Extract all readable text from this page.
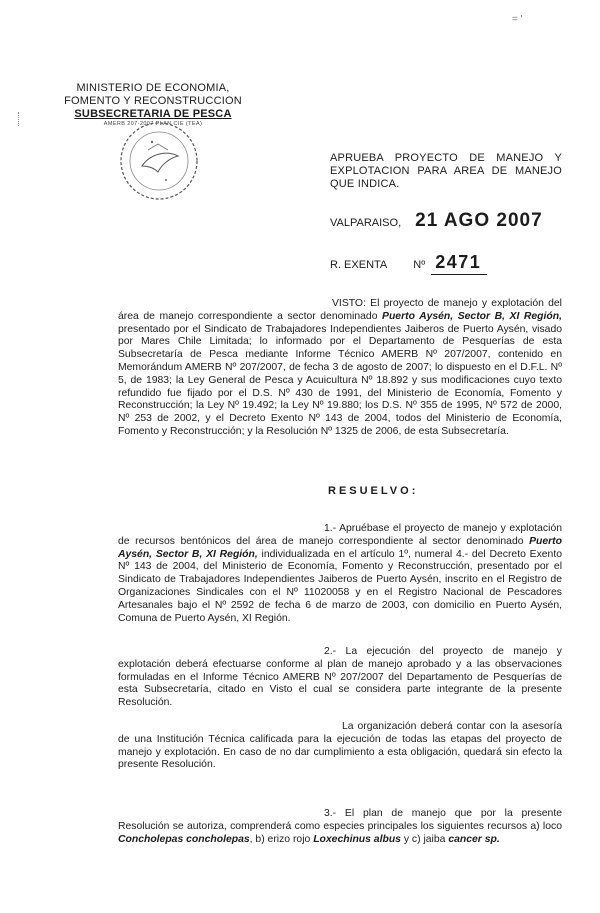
= '
MINISTERIO DE ECONOMIA,
FOMENTO Y RECONSTRUCCION
SUBSECRETARIA DE PESCA
AMERB 207-2007 PLAN CIE (TEA)
APRUEBA PROYECTO DE MANEJO Y EXPLOTACION PARA AREA DE MANEJO QUE INDICA.
VALPARAISO, 21 AGO 2007
R. EXENTA Nº 2471

VISTO: El proyecto de manejo y explotación del área de manejo correspondiente a sector denominado Puerto Aysén, Sector B, XI Región, presentado por el Sindicato de Trabajadores Independientes Jaiberos de Puerto Aysén, visado por Mares Chile Limitada; lo informado por el Departamento de Pesquerías de esta Subsecretaría de Pesca mediante Informe Técnico AMERB Nº 207/2007, contenido en Memorándum AMERB Nº 207/2007, de fecha 3 de agosto de 2007; lo dispuesto en el D.F.L. Nº 5, de 1983; la Ley General de Pesca y Acuicultura Nº 18.892 y sus modificaciones cuyo texto refundido fue fijado por el D.S. Nº 430 de 1991, del Ministerio de Economía, Fomento y Reconstrucción; la Ley Nº 19.492; la Ley Nº 19.880; los D.S. Nº 355 de 1995, Nº 572 de 2000, Nº 253 de 2002, y el Decreto Exento Nº 143 de 2004, todos del Ministerio de Economía, Fomento y Reconstrucción; y la Resolución Nº 1325 de 2006, de esta Subsecretaría.

RESUELVO:

1.- Apruébase el proyecto de manejo y explotación de recursos bentónicos del área de manejo correspondiente al sector denominado Puerto Aysén, Sector B, XI Región, individualizada en el artículo 1º, numeral 4.- del Decreto Exento Nº 143 de 2004, del Ministerio de Economía, Fomento y Reconstrucción, presentado por el Sindicato de Trabajadores Independientes Jaiberos de Puerto Aysén, inscrito en el Registro de Organizaciones Sindicales con el Nº 11020058 y en el Registro Nacional de Pescadores Artesanales bajo el Nº 2592 de fecha 6 de marzo de 2003, con domicilio en Puerto Aysén, Comuna de Puerto Aysén, XI Región.

2.- La ejecución del proyecto de manejo y explotación deberá efectuarse conforme al plan de manejo aprobado y a las observaciones formuladas en el Informe Técnico AMERB Nº 207/2007 del Departamento de Pesquerías de esta Subsecretaría, citado en Visto el cual se considera parte integrante de la presente Resolución.

La organización deberá contar con la asesoría de una Institución Técnica calificada para la ejecución de todas las etapas del proyecto de manejo y explotación. En caso de no dar cumplimiento a esta obligación, quedará sin efecto la presente Resolución.

3.- El plan de manejo que por la presente Resolución se autoriza, comprenderá como especies principales los siguientes recursos a) loco Concholepas concholepas, b) erizo rojo Loxechinus albus y c) jaiba cancer sp.
